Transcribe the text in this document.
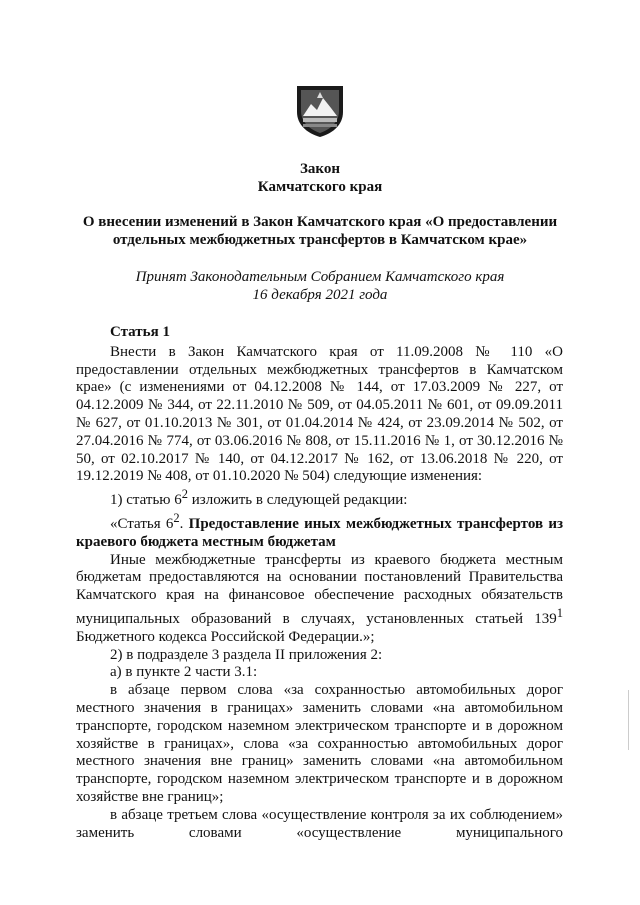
Закон
Камчатского края
О внесении изменений в Закон Камчатского края «О предоставлении
отдельных межбюджетных трансфертов в Камчатском крае»
Принят Законодательным Собранием Камчатского края
16 декабря 2021 года

Статья 1

Внести в Закон Камчатского края от 11.09.2008 № 110 «О предоставлении отдельных межбюджетных трансфертов в Камчатском крае» (с изменениями от 04.12.2008 № 144, от 17.03.2009 № 227, от 04.12.2009 № 344, от 22.11.2010 № 509, от 04.05.2011 № 601, от 09.09.2011 № 627, от 01.10.2013 № 301, от 01.04.2014 № 424, от 23.09.2014 № 502, от 27.04.2016 № 774, от 03.06.2016 № 808, от 15.11.2016 № 1, от 30.12.2016 № 50, от 02.10.2017 № 140, от 04.12.2017 № 162, от 13.06.2018 № 220, от 19.12.2019 № 408, от 01.10.2020 № 504) следующие изменения:

1) статью $6^2$ изложить в следующей редакции:

«Статья $6^2$. Предоставление иных межбюджетных трансфертов из краевого бюджета местным бюджетам

Иные межбюджетные трансферты из краевого бюджета местным бюджетам предоставляются на основании постановлений Правительства Камчатского края на финансовое обеспечение расходных обязательств муниципальных образований в случаях, установленных статьей $139^1$ Бюджетного кодекса Российской Федерации.»;

2) в подразделе 3 раздела II приложения 2:

а) в пункте 2 части 3.1:

в абзаце первом слова «за сохранностью автомобильных дорог местного значения в границах» заменить словами «на автомобильном транспорте, городском наземном электрическом транспорте и в дорожном хозяйстве в границах», слова «за сохранностью автомобильных дорог местного значения вне границ» заменить словами «на автомобильном транспорте, городском наземном электрическом транспорте и в дорожном хозяйстве вне границ»;

в абзаце третьем слова «осуществление контроля за их соблюдением» заменить словами «осуществление муниципального
